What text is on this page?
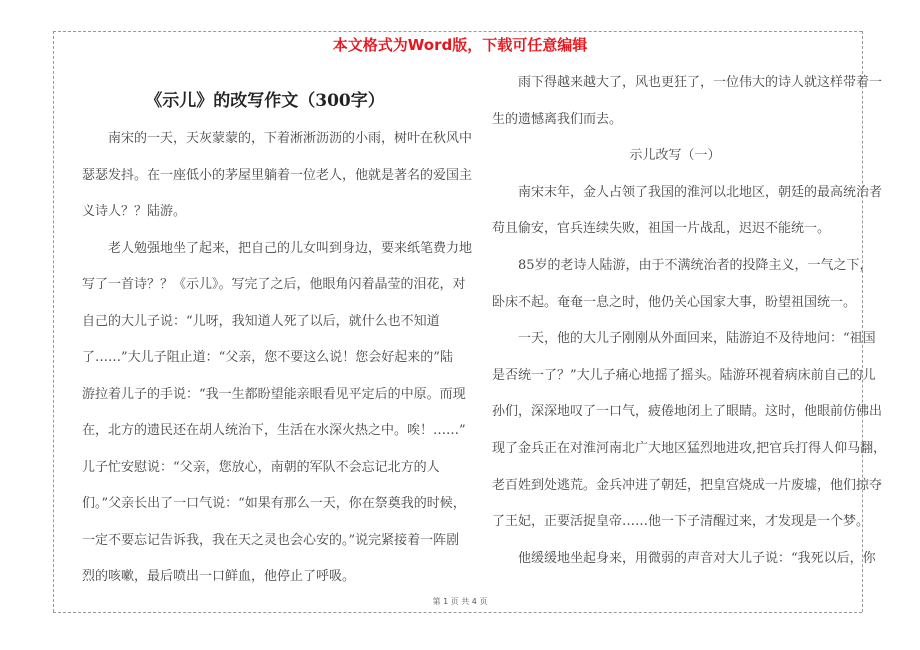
本文格式为Word版，下载可任意编辑
《示儿》的改写作文（300字）
南宋的一天，天灰蒙蒙的，下着淅淅沥沥的小雨，树叶在秋风中
瑟瑟发抖。在一座低小的茅屋里躺着一位老人，他就是著名的爱国主
义诗人？？陆游。
老人勉强地坐了起来，把自己的儿女叫到身边，要来纸笔费力地
写了一首诗？？《示儿》。写完了之后，他眼角闪着晶莹的泪花，对
自己的大儿子说：“儿呀，我知道人死了以后，就什么也不知道
了……”大儿子阻止道：“父亲，您不要这么说！您会好起来的”陆
游拉着儿子的手说：“我一生都盼望能亲眼看见平定后的中原。而现
在，北方的遗民还在胡人统治下，生活在水深火热之中。唉！……”
儿子忙安慰说：“父亲，您放心，南朝的军队不会忘记北方的人
们。”父亲长出了一口气说：“如果有那么一天，你在祭奠我的时候，
一定不要忘记告诉我，我在天之灵也会心安的。”说完紧接着一阵剧
烈的咳嗽，最后喷出一口鲜血，他停止了呼吸。
雨下得越来越大了，风也更狂了，一位伟大的诗人就这样带着一
生的遗憾离我们而去。
示儿改写（一）
南宋末年，金人占领了我国的淮河以北地区，朝廷的最高统治者
苟且偷安，官兵连续失败，祖国一片战乱，迟迟不能统一。
85岁的老诗人陆游，由于不满统治者的投降主义，一气之下，
卧床不起。奄奄一息之时，他仍关心国家大事，盼望祖国统一。
一天，他的大儿子刚刚从外面回来，陆游迫不及待地问：“祖国
是否统一了？”大儿子痛心地摇了摇头。陆游环视着病床前自己的儿
孙们，深深地叹了一口气，疲倦地闭上了眼睛。这时，他眼前仿佛出
现了金兵正在对淮河南北广大地区猛烈地进攻,把官兵打得人仰马翻，
老百姓到处逃荒。金兵冲进了朝廷，把皇宫烧成一片废墟，他们掠夺
了王妃，正要活捉皇帝……他一下子清醒过来，才发现是一个梦。
他缓缓地坐起身来，用微弱的声音对大儿子说：“我死以后，你
第 1 页 共 4 页
